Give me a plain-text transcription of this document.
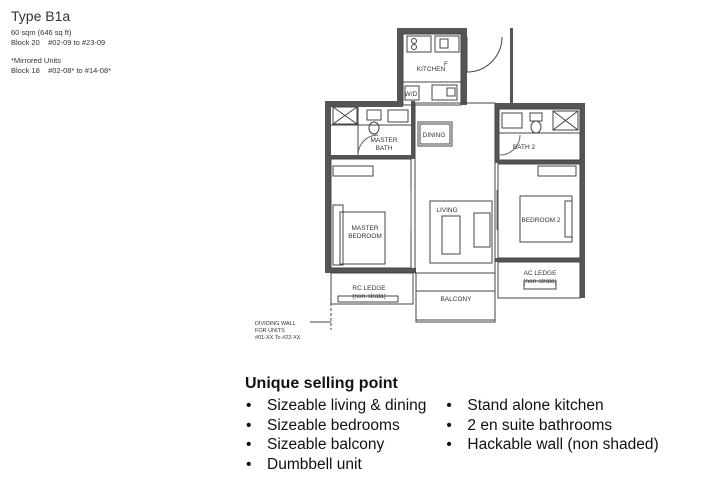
Type B1a
60 sqm (646 sq ft)
Block 20    #02-09 to #23-09
*Mirrored Units
Block 18    #02-08* to #14-08*	KITCHEN
W/D
F
DINING
MASTER
BATH	BATH 2
LIVING
MASTER
BEDROOM
BEDROOM 2
RC LEDGE
(non-strata)	BALCONY
AC LEDGE
(non-strata)
DIVIDING WALL
FOR UNITS
#01-XX To #22-XX
Unique selling point
• Sizeable living & dining
• Sizeable bedrooms
• Sizeable balcony
• Dumbbell unit
• Stand alone kitchen
• 2 en suite bathrooms
• Hackable wall (non shaded)
